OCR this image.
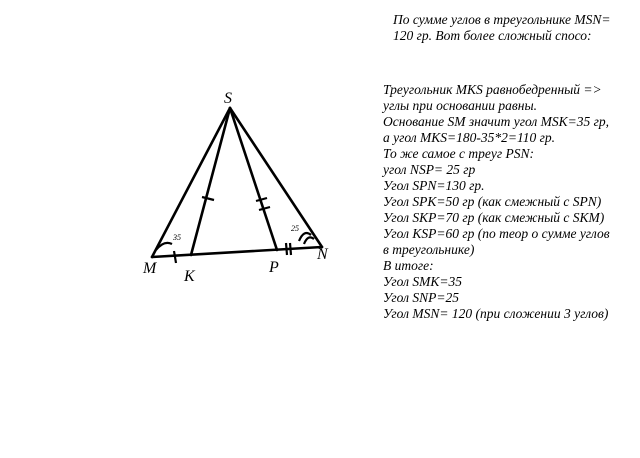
По сумме углов в треугольнике MSN=
120 гр. Вот более сложный спосо:
Треугольник MKS равнобедренный =>
углы при основании равны.
Основание SM значит угол MSK=35 гр,
а угол MKS=180-35*2=110 гр.
То же самое с треуг PSN:
угол NSP= 25 гр
Угол SPN=130 гр.
Угол SPK=50 гр (как смежный с SPN)
Угол SKP=70 гр (как смежный с SKM)
Угол KSP=60 гр (по теор о сумме углов
в треугольнике)
В итоге:
Угол SMK=35
Угол SNP=25
Угол MSN= 120 (при сложении 3 углов)
S
M K
P
N
35
25
